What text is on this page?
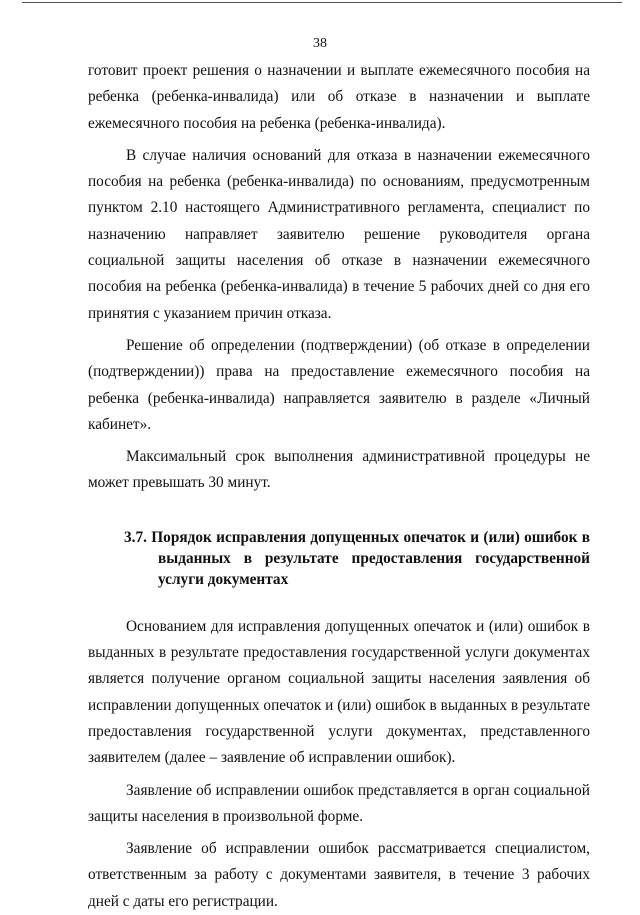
38

готовит проект решения о назначении и выплате ежемесячного пособия на ребенка (ребенка-инвалида) или об отказе в назначении и выплате ежемесячного пособия на ребенка (ребенка-инвалида).

В случае наличия оснований для отказа в назначении ежемесячного пособия на ребенка (ребенка-инвалида) по основаниям, предусмотренным пунктом 2.10 настоящего Административного регламента, специалист по назначению направляет заявителю решение руководителя органа социальной защиты населения об отказе в назначении ежемесячного пособия на ребенка (ребенка-инвалида) в течение 5 рабочих дней со дня его принятия с указанием причин отказа.

Решение об определении (подтверждении) (об отказе в определении (подтверждении)) права на предоставление ежемесячного пособия на ребенка (ребенка-инвалида) направляется заявителю в разделе «Личный кабинет».

Максимальный срок выполнения административной процедуры не может превышать 30 минут.

3.7. Порядок исправления допущенных опечаток и (или) ошибок в выданных в результате предоставления государственной услуги документах

Основанием для исправления допущенных опечаток и (или) ошибок в выданных в результате предоставления государственной услуги документах является получение органом социальной защиты населения заявления об исправлении допущенных опечаток и (или) ошибок в выданных в результате предоставления государственной услуги документах, представленного заявителем (далее – заявление об исправлении ошибок).

Заявление об исправлении ошибок представляется в орган социальной защиты населения в произвольной форме.

Заявление об исправлении ошибок рассматривается специалистом, ответственным за работу с документами заявителя, в течение 3 рабочих дней с даты его регистрации.
